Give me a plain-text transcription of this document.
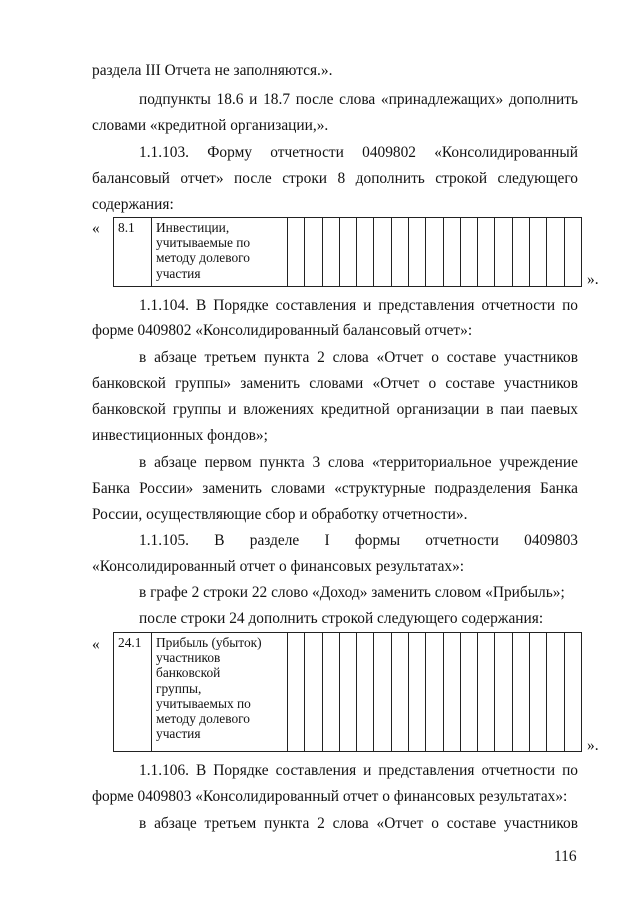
раздела III Отчета не заполняются.».
подпункты 18.6 и 18.7 после слова «принадлежащих» дополнить
словами «кредитной организации,».
1.1.103. Форму отчетности 0409802 «Консолидированный
балансовый отчет» после строки 8 дополнить строкой следующего
содержания:
« 8.1	Инвестиции,
учитываемые по
методу долевого
участия
																		».
1.1.104. В Порядке составления и представления отчетности по
форме 0409802 «Консолидированный балансовый отчет»:
в абзаце третьем пункта 2 слова «Отчет о составе участников
банковской группы» заменить словами «Отчет о составе участников
банковской группы и вложениях кредитной организации в паи паевых
инвестиционных фондов»;
в абзаце первом пункта 3 слова «территориальное учреждение
Банка России» заменить словами «структурные подразделения Банка
России, осуществляющие сбор и обработку отчетности».
1.1.105. В разделе I формы отчетности 0409803
«Консолидированный отчет о финансовых результатах»:
в графе 2 строки 22 слово «Доход» заменить словом «Прибыль»;
после строки 24 дополнить строкой следующего содержания:
« 24.1	Прибыль (убыток)
участников
банковской
группы,
учитываемых по
методу долевого
участия

».
1.1.106. В Порядке составления и представления отчетности по
форме 0409803 «Консолидированный отчет о финансовых результатах»:
в абзаце третьем пункта 2 слова «Отчет о составе участников
116
